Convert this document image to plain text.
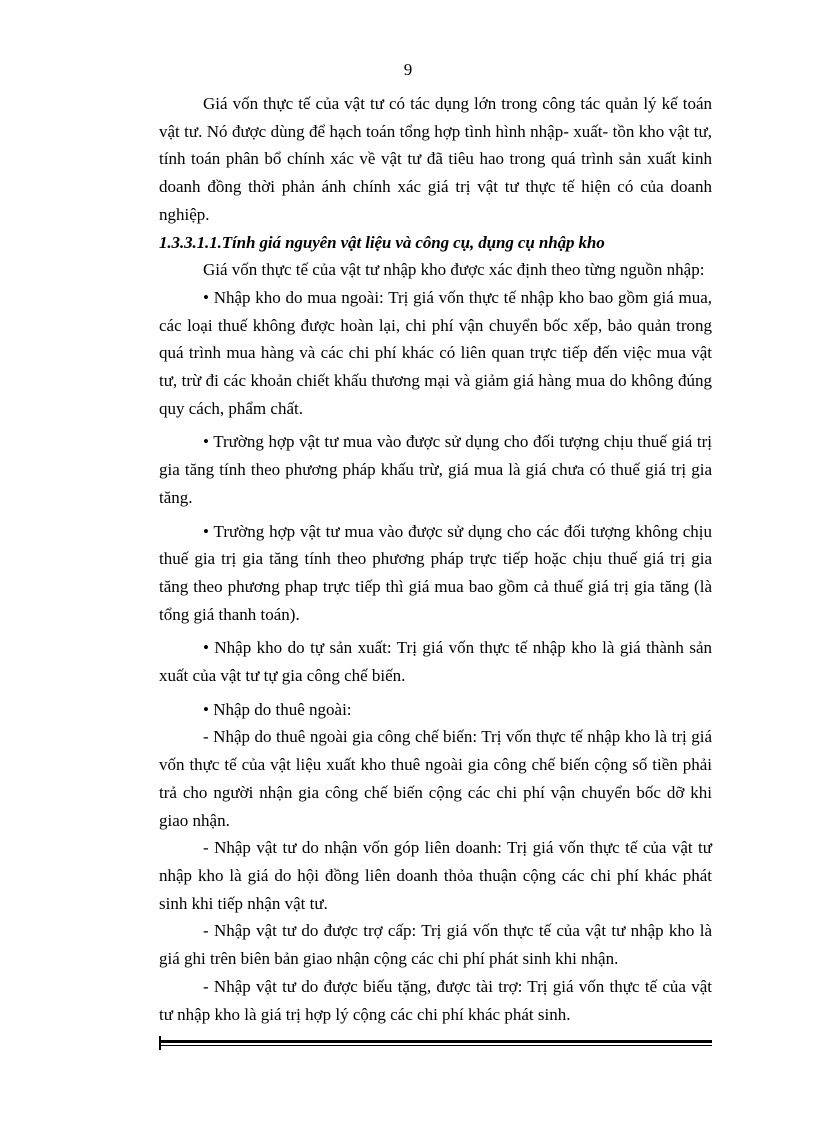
9

Giá vốn thực tế của vật tư có tác dụng lớn trong công tác quản lý kế toán vật tư. Nó được dùng để hạch toán tổng hợp tình hình nhập- xuất- tồn kho vật tư, tính toán phân bổ chính xác về vật tư đã tiêu hao trong quá trình sản xuất kinh doanh đồng thời phản ánh chính xác giá trị vật tư thực tế hiện có của doanh nghiệp.

1.3.3.1.1.Tính giá nguyên vật liệu và công cụ, dụng cụ nhập kho

Giá vốn thực tế của vật tư nhập kho được xác định theo từng nguồn nhập:

• Nhập kho do mua ngoài: Trị giá vốn thực tế nhập kho bao gồm giá mua, các loại thuế không được hoàn lại, chi phí vận chuyển bốc xếp, bảo quản trong quá trình mua hàng và các chi phí khác có liên quan trực tiếp đến việc mua vật tư, trừ đi các khoản chiết khấu thương mại và giảm giá hàng mua do không đúng quy cách, phẩm chất.

• Trường hợp vật tư mua vào được sử dụng cho đối tượng chịu thuế giá trị gia tăng tính theo phương pháp khấu trừ, giá mua là giá chưa có thuế giá trị gia tăng.

• Trường hợp vật tư mua vào được sử dụng cho các đối tượng không chịu thuế gia trị gia tăng tính theo phương pháp trực tiếp hoặc chịu thuế giá trị gia tăng theo phương phap trực tiếp thì giá mua bao gồm cả thuế giá trị gia tăng (là tổng giá thanh toán).

• Nhập kho do tự sản xuất: Trị giá vốn thực tế nhập kho là giá thành sản xuất của vật tư tự gia công chế biến.

• Nhập do thuê ngoài:

- Nhập do thuê ngoài gia công chế biến: Trị vốn thực tế nhập kho là trị giá vốn thực tế của vật liệu xuất kho thuê ngoài gia công chế biến cộng số tiền phải trả cho người nhận gia công chế biến cộng các chi phí vận chuyển bốc dỡ khi giao nhận.

- Nhập vật tư do nhận vốn góp liên doanh: Trị giá vốn thực tế của vật tư nhập kho là giá do hội đồng liên doanh thỏa thuận cộng các chi phí khác phát sinh khi tiếp nhận vật tư.

- Nhập vật tư do được trợ cấp: Trị giá vốn thực tế của vật tư nhập kho là giá ghi trên biên bản giao nhận cộng các chi phí phát sinh khi nhận.

- Nhập vật tư do được biếu tặng, được tài trợ: Trị giá vốn thực tế của vật tư nhập kho là giá trị hợp lý cộng các chi phí khác phát sinh.
